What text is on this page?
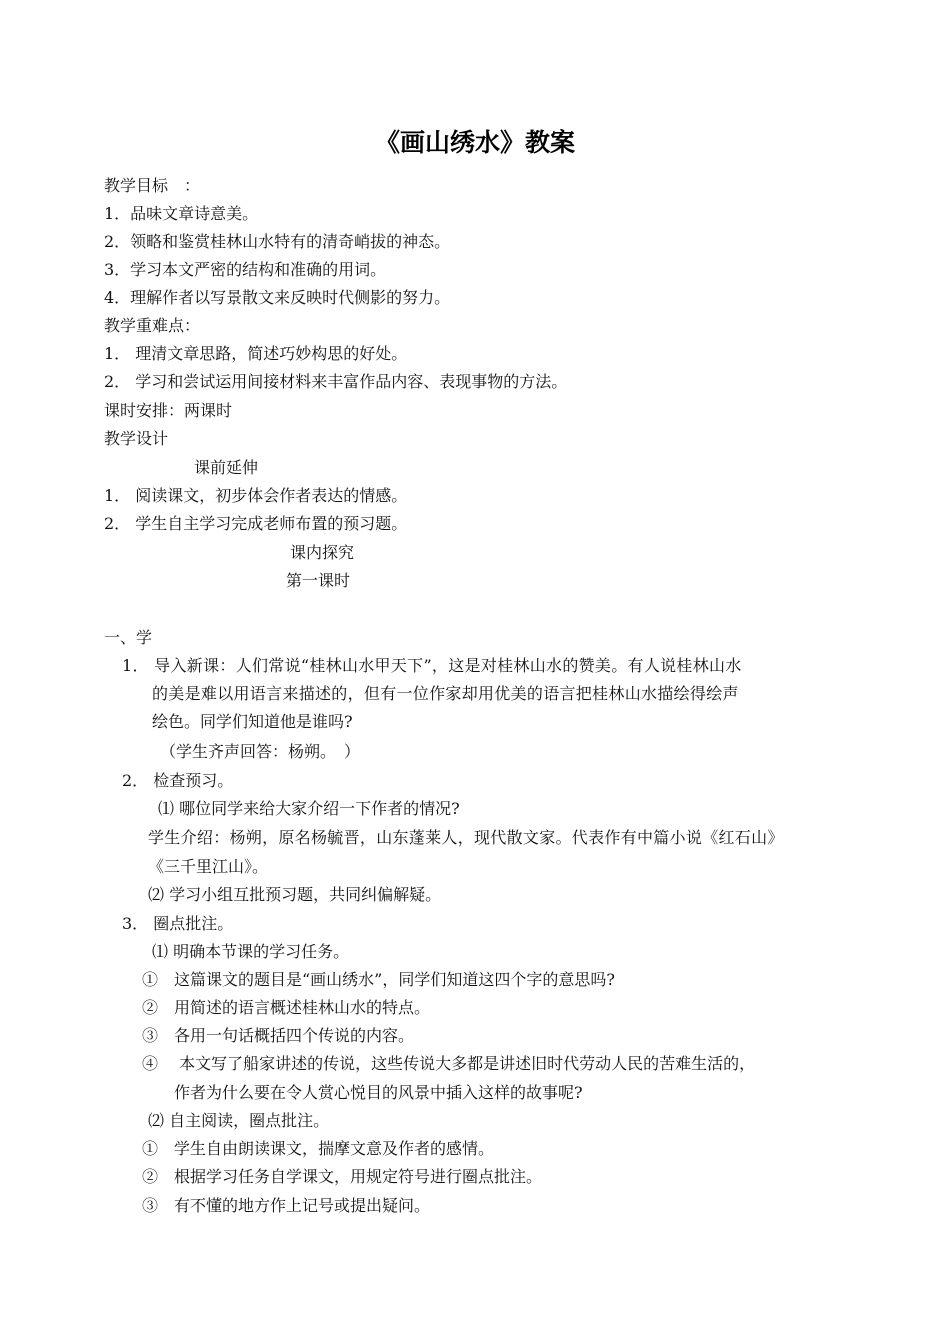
《画山绣水》教案
教学目标　：
1．品味文章诗意美。
2．领略和鉴赏桂林山水特有的清奇峭拔的神态。
3．学习本文严密的结构和准确的用词。
4．理解作者以写景散文来反映时代侧影的努力。
教学重难点：
1． 理清文章思路，简述巧妙构思的好处。
2． 学习和尝试运用间接材料来丰富作品内容、表现事物的方法。
课时安排：两课时
教学设计
课前延伸
1． 阅读课文，初步体会作者表达的情感。
2． 学生自主学习完成老师布置的预习题。
课内探究
第一课时
一、学
1． 导入新课：人们常说“桂林山水甲天下”，这是对桂林山水的赞美。有人说桂林山水
的美是难以用语言来描述的，但有一位作家却用优美的语言把桂林山水描绘得绘声
绘色。同学们知道他是谁吗?
（学生齐声回答：杨朔。　）
2． 检查预习。
⑴ 哪位同学来给大家介绍一下作者的情况?
学生介绍：杨朔，原名杨毓晋，山东蓬莱人，现代散文家。代表作有中篇小说《红石山》
《三千里江山》。
⑵ 学习小组互批预习题，共同纠偏解疑。
3． 圈点批注。
⑴ 明确本节课的学习任务。
①　这篇课文的题目是“画山绣水”，同学们知道这四个字的意思吗?
②　用简述的语言概述桂林山水的特点。
③　各用一句话概括四个传说的内容。
④　 本文写了船家讲述的传说，这些传说大多都是讲述旧时代劳动人民的苦难生活的，
作者为什么要在令人赏心悦目的风景中插入这样的故事呢?
⑵ 自主阅读，圈点批注。
①　学生自由朗读课文，揣摩文意及作者的感情。
②　根据学习任务自学课文，用规定符号进行圈点批注。
③　有不懂的地方作上记号或提出疑问。
